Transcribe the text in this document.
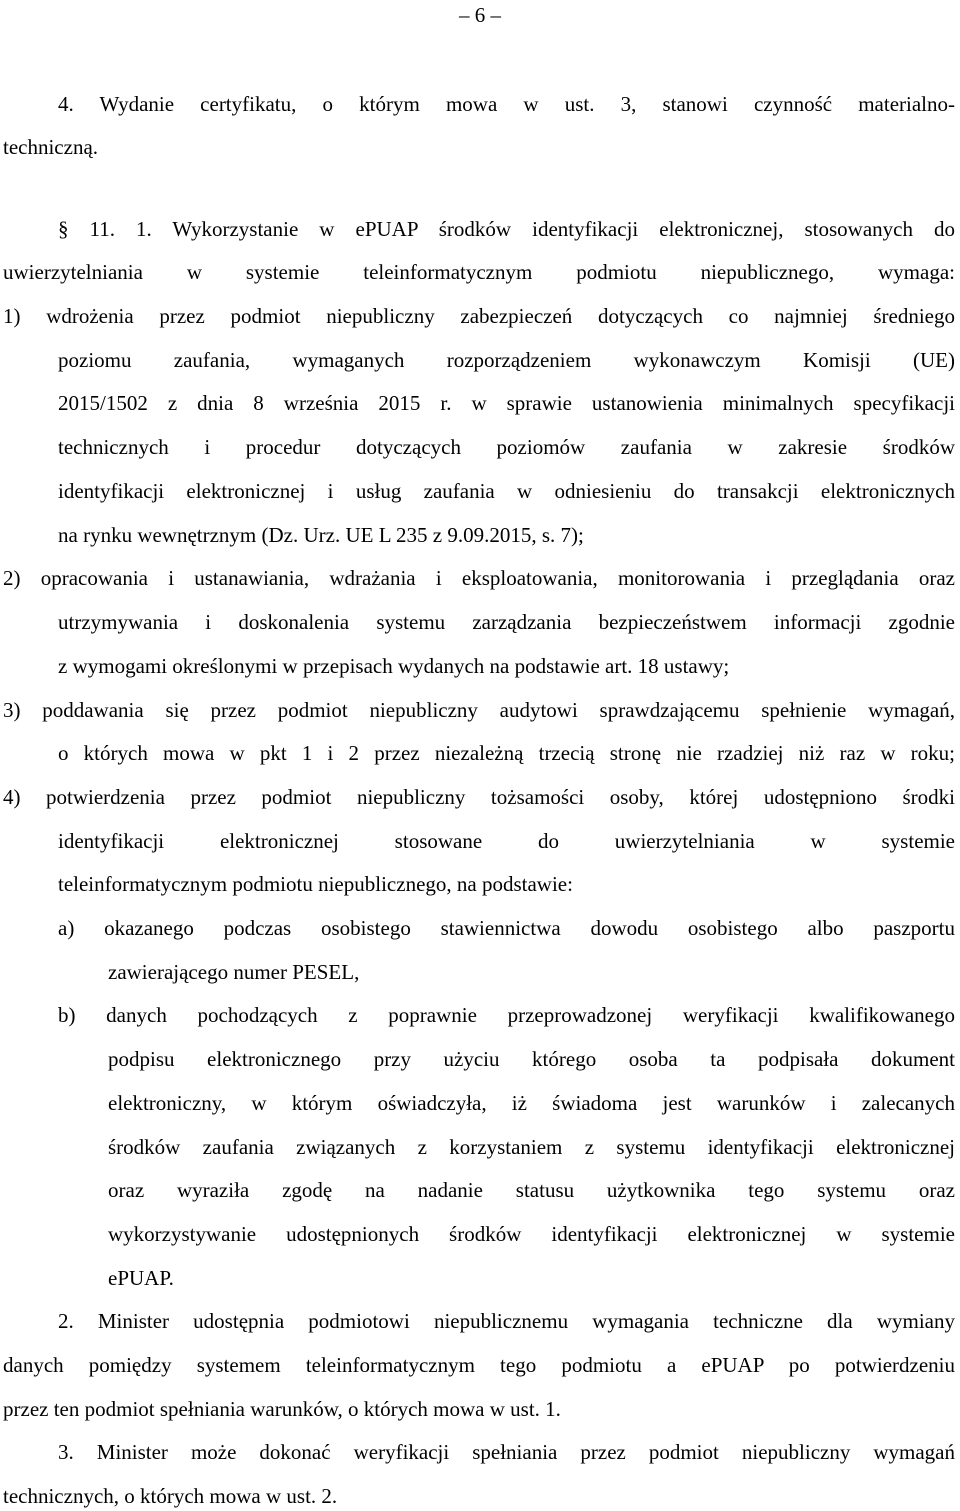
– 6 –
4. Wydanie certyfikatu, o którym mowa w ust. 3, stanowi czynność materialno-
techniczną.
§ 11. 1. Wykorzystanie w ePUAP środków identyfikacji elektronicznej, stosowanych do
uwierzytelniania w systemie teleinformatycznym podmiotu niepublicznego, wymaga:
1) wdrożenia przez podmiot niepubliczny zabezpieczeń dotyczących co najmniej średniego
poziomu zaufania, wymaganych rozporządzeniem wykonawczym Komisji (UE)
2015/1502 z dnia 8 września 2015 r. w sprawie ustanowienia minimalnych specyfikacji
technicznych i procedur dotyczących poziomów zaufania w zakresie środków
identyfikacji elektronicznej i usług zaufania w odniesieniu do transakcji elektronicznych
na rynku wewnętrznym (Dz. Urz. UE L 235 z 9.09.2015, s. 7);
2) opracowania i ustanawiania, wdrażania i eksploatowania, monitorowania i przeglądania oraz
utrzymywania i doskonalenia systemu zarządzania bezpieczeństwem informacji zgodnie
z wymogami określonymi w przepisach wydanych na podstawie art. 18 ustawy;
3) poddawania się przez podmiot niepubliczny audytowi sprawdzającemu spełnienie wymagań,
o których mowa w pkt 1 i 2 przez niezależną trzecią stronę nie rzadziej niż raz w roku;
4) potwierdzenia przez podmiot niepubliczny tożsamości osoby, której udostępniono środki
identyfikacji elektronicznej stosowane do uwierzytelniania w systemie
teleinformatycznym podmiotu niepublicznego, na podstawie:
a) okazanego podczas osobistego stawiennictwa dowodu osobistego albo paszportu
zawierającego numer PESEL,
b) danych pochodzących z poprawnie przeprowadzonej weryfikacji kwalifikowanego
podpisu elektronicznego przy użyciu którego osoba ta podpisała dokument
elektroniczny, w którym oświadczyła, iż świadoma jest warunków i zalecanych
środków zaufania związanych z korzystaniem z systemu identyfikacji elektronicznej
oraz wyraziła zgodę na nadanie statusu użytkownika tego systemu oraz
wykorzystywanie udostępnionych środków identyfikacji elektronicznej w systemie
ePUAP.
2. Minister udostępnia podmiotowi niepublicznemu wymagania techniczne dla wymiany
danych pomiędzy systemem teleinformatycznym tego podmiotu a ePUAP po potwierdzeniu
przez ten podmiot spełniania warunków, o których mowa w ust. 1.
3. Minister może dokonać weryfikacji spełniania przez podmiot niepubliczny wymagań
technicznych, o których mowa w ust. 2.
